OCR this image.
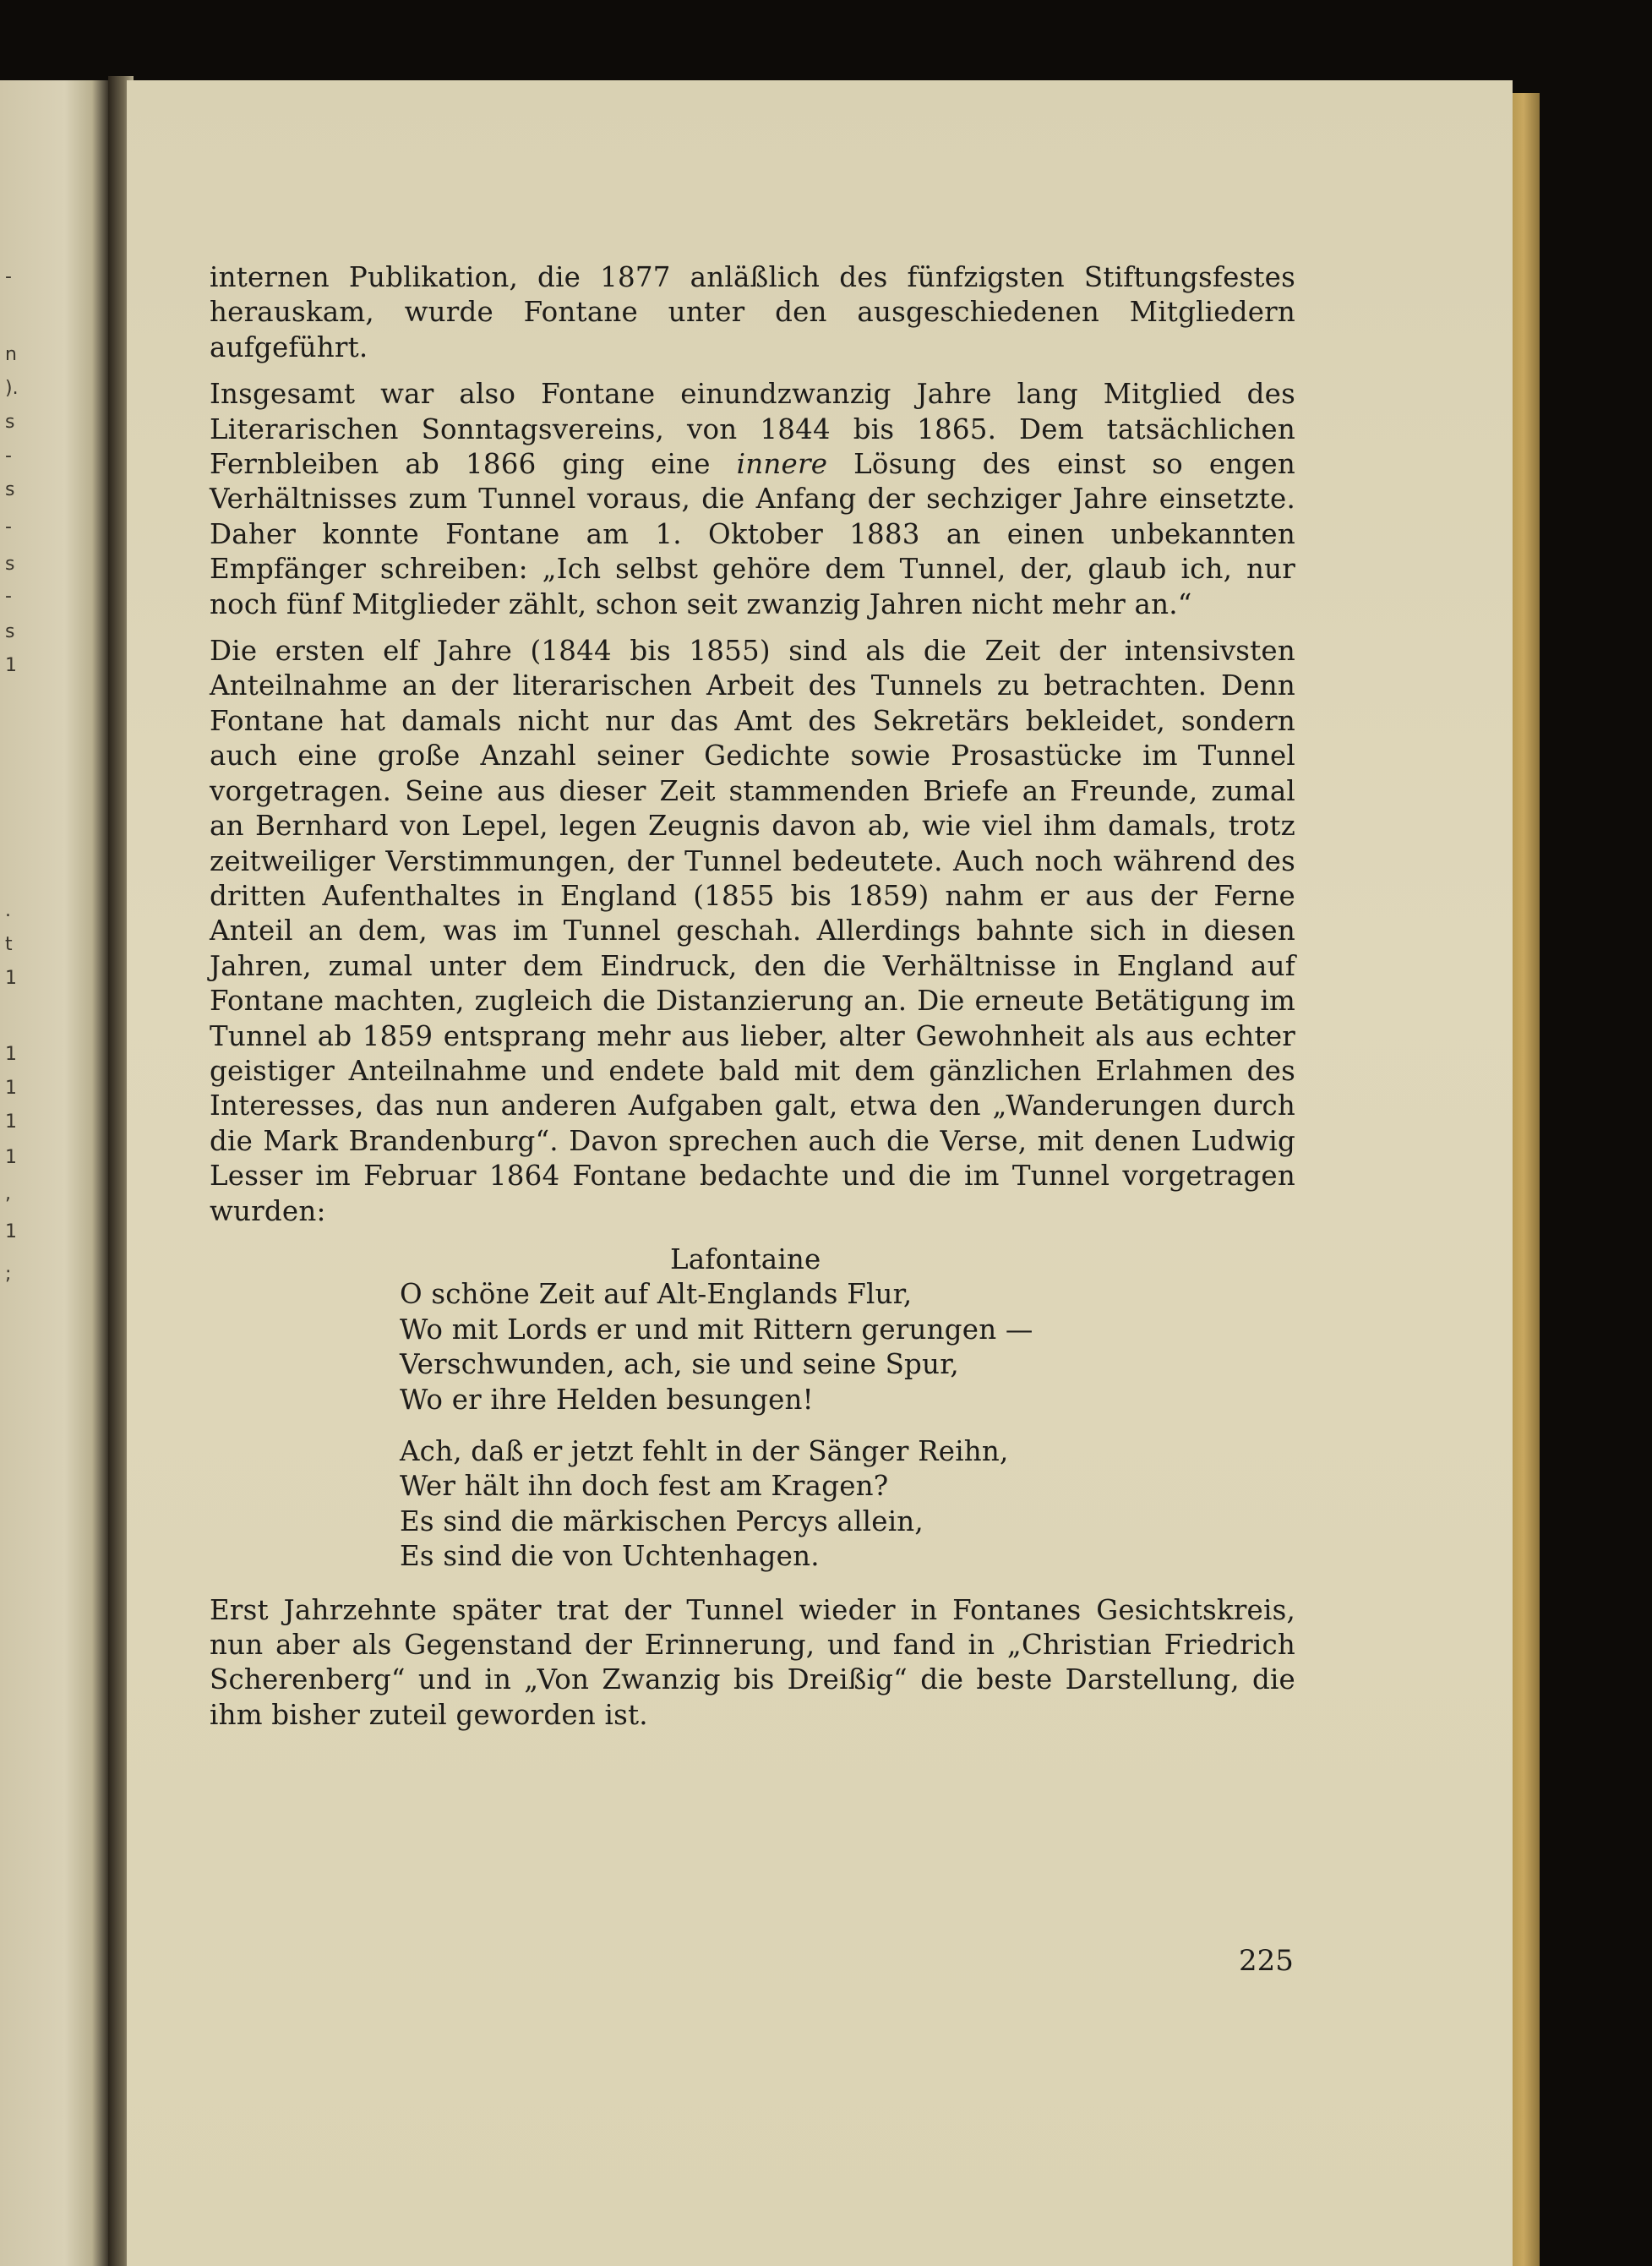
-
n
).
s
-
s
-
s
-
s
1
.
t
1
1
1
1
1
,
1
;

internen Publikation, die 1877 anläßlich des fünfzigsten Stiftungsfestes herauskam, wurde Fontane unter den ausgeschiedenen Mitgliedern aufgeführt.

Insgesamt war also Fontane einundzwanzig Jahre lang Mitglied des Literarischen Sonntagsvereins, von 1844 bis 1865. Dem tatsächlichen Fernbleiben ab 1866 ging eine innere Lösung des einst so engen Verhältnisses zum Tunnel voraus, die Anfang der sechziger Jahre einsetzte. Daher konnte Fontane am 1. Oktober 1883 an einen unbekannten Empfänger schreiben: „Ich selbst gehöre dem Tunnel, der, glaub ich, nur noch fünf Mitglieder zählt, schon seit zwanzig Jahren nicht mehr an.“

Die ersten elf Jahre (1844 bis 1855) sind als die Zeit der intensivsten Anteilnahme an der literarischen Arbeit des Tunnels zu betrachten. Denn Fontane hat damals nicht nur das Amt des Sekretärs bekleidet, sondern auch eine große Anzahl seiner Gedichte sowie Prosastücke im Tunnel vorgetragen. Seine aus dieser Zeit stammenden Briefe an Freunde, zumal an Bernhard von Lepel, legen Zeugnis davon ab, wie viel ihm damals, trotz zeitweiliger Verstimmungen, der Tunnel bedeutete. Auch noch während des dritten Aufenthaltes in England (1855 bis 1859) nahm er aus der Ferne Anteil an dem, was im Tunnel geschah. Allerdings bahnte sich in diesen Jahren, zumal unter dem Eindruck, den die Verhältnisse in England auf Fontane machten, zugleich die Distanzierung an. Die erneute Betätigung im Tunnel ab 1859 entsprang mehr aus lieber, alter Gewohnheit als aus echter geistiger Anteilnahme und endete bald mit dem gänzlichen Erlahmen des Interesses, das nun anderen Aufgaben galt, etwa den „Wanderungen durch die Mark Brandenburg“. Davon sprechen auch die Verse, mit denen Ludwig Lesser im Februar 1864 Fontane bedachte und die im Tunnel vorgetragen wurden:

Lafontaine
O schöne Zeit auf Alt-Englands Flur,
Wo mit Lords er und mit Rittern gerungen —
Verschwunden, ach, sie und seine Spur,
Wo er ihre Helden besungen!
Ach, daß er jetzt fehlt in der Sänger Reihn,
Wer hält ihn doch fest am Kragen?
Es sind die märkischen Percys allein,
Es sind die von Uchtenhagen.

Erst Jahrzehnte später trat der Tunnel wieder in Fontanes Gesichtskreis, nun aber als Gegenstand der Erinnerung, und fand in „Christian Friedrich Scherenberg“ und in „Von Zwanzig bis Dreißig“ die beste Darstellung, die ihm bisher zuteil geworden ist.

225
